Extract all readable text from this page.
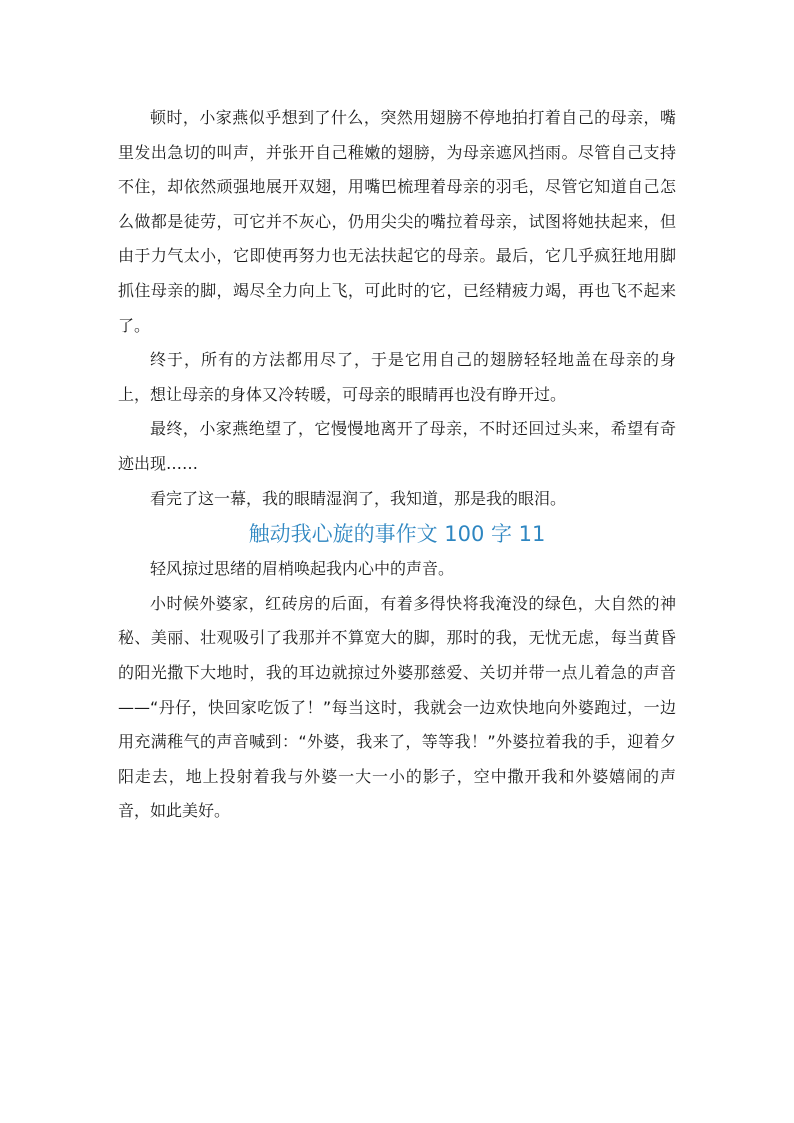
顿时，小家燕似乎想到了什么，突然用翅膀不停地拍打着自己的母亲，嘴里发出急切的叫声，并张开自己稚嫩的翅膀，为母亲遮风挡雨。尽管自己支持不住，却依然顽强地展开双翅，用嘴巴梳理着母亲的羽毛，尽管它知道自己怎么做都是徒劳，可它并不灰心，仍用尖尖的嘴拉着母亲，试图将她扶起来，但由于力气太小，它即使再努力也无法扶起它的母亲。最后，它几乎疯狂地用脚抓住母亲的脚，竭尽全力向上飞，可此时的它，已经精疲力竭，再也飞不起来了。

终于，所有的方法都用尽了，于是它用自己的翅膀轻轻地盖在母亲的身上，想让母亲的身体又冷转暖，可母亲的眼睛再也没有睁开过。

最终，小家燕绝望了，它慢慢地离开了母亲，不时还回过头来，希望有奇迹出现……

看完了这一幕，我的眼睛湿润了，我知道，那是我的眼泪。

触动我心旋的事作文 100 字 11

轻风掠过思绪的眉梢唤起我内心中的声音。

小时候外婆家，红砖房的后面，有着多得快将我淹没的绿色，大自然的神秘、美丽、壮观吸引了我那并不算宽大的脚，那时的我，无忧无虑，每当黄昏的阳光撒下大地时，我的耳边就掠过外婆那慈爱、关切并带一点儿着急的声音——“丹仔，快回家吃饭了！”每当这时，我就会一边欢快地向外婆跑过，一边用充满稚气的声音喊到：“外婆，我来了，等等我！”外婆拉着我的手，迎着夕阳走去，地上投射着我与外婆一大一小的影子，空中撒开我和外婆嬉闹的声音，如此美好。
